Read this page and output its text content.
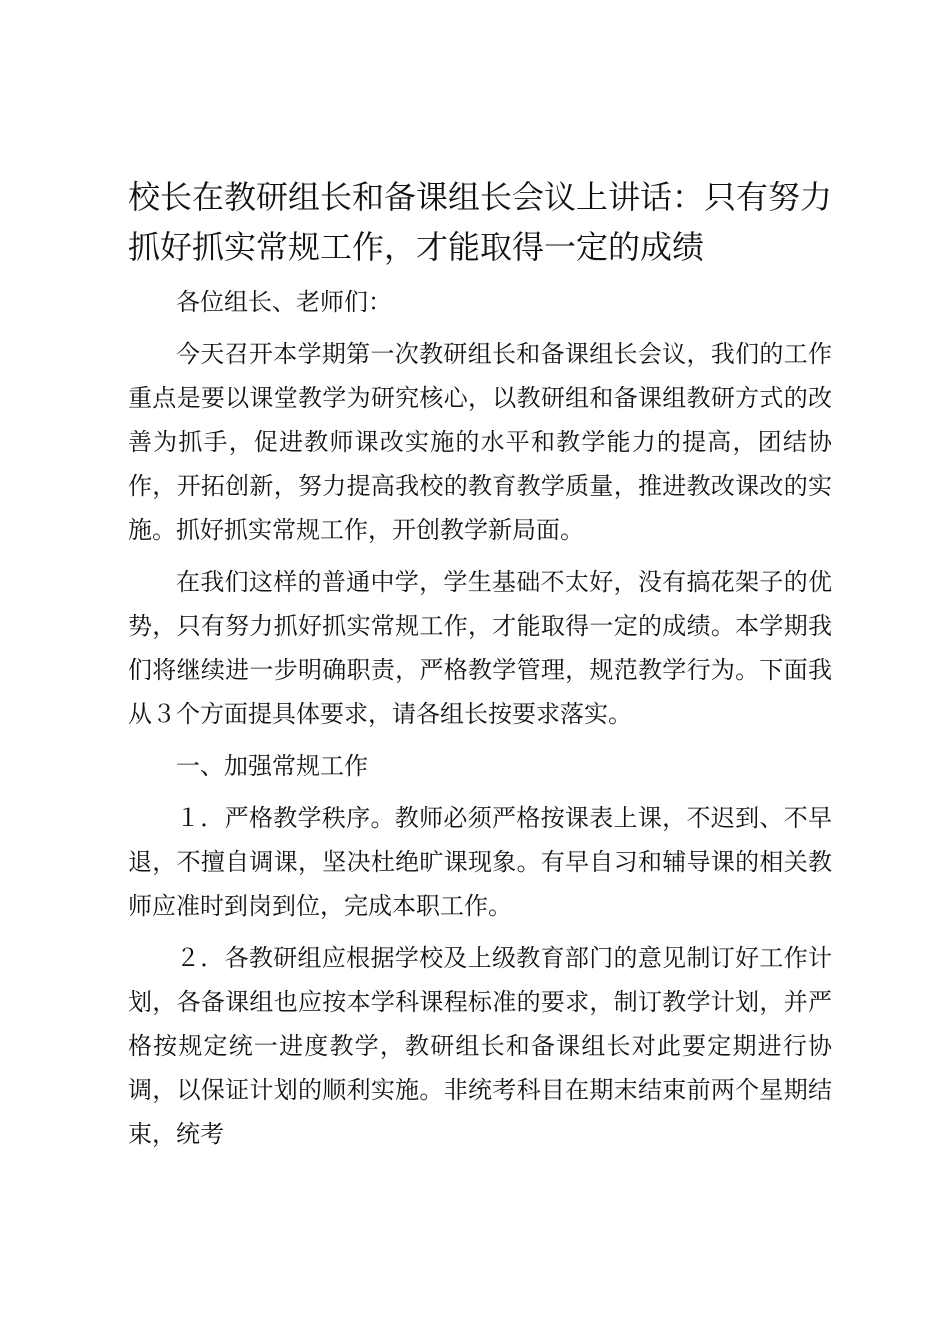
校长在教研组长和备课组长会议上讲话：只有努力抓好抓实常规工作，才能取得一定的成绩

各位组长、老师们：

今天召开本学期第一次教研组长和备课组长会议，我们的工作重点是要以课堂教学为研究核心，以教研组和备课组教研方式的改善为抓手，促进教师课改实施的水平和教学能力的提高，团结协作，开拓创新，努力提高我校的教育教学质量，推进教改课改的实施。抓好抓实常规工作，开创教学新局面。

在我们这样的普通中学，学生基础不太好，没有搞花架子的优势，只有努力抓好抓实常规工作，才能取得一定的成绩。本学期我们将继续进一步明确职责，严格教学管理，规范教学行为。下面我从３个方面提具体要求，请各组长按要求落实。

一、加强常规工作

１．严格教学秩序。教师必须严格按课表上课，不迟到、不早退，不擅自调课，坚决杜绝旷课现象。有早自习和辅导课的相关教师应准时到岗到位，完成本职工作。

２．各教研组应根据学校及上级教育部门的意见制订好工作计划，各备课组也应按本学科课程标准的要求，制订教学计划，并严格按规定统一进度教学，教研组长和备课组长对此要定期进行协调，以保证计划的顺利实施。非统考科目在期末结束前两个星期结束，统考
